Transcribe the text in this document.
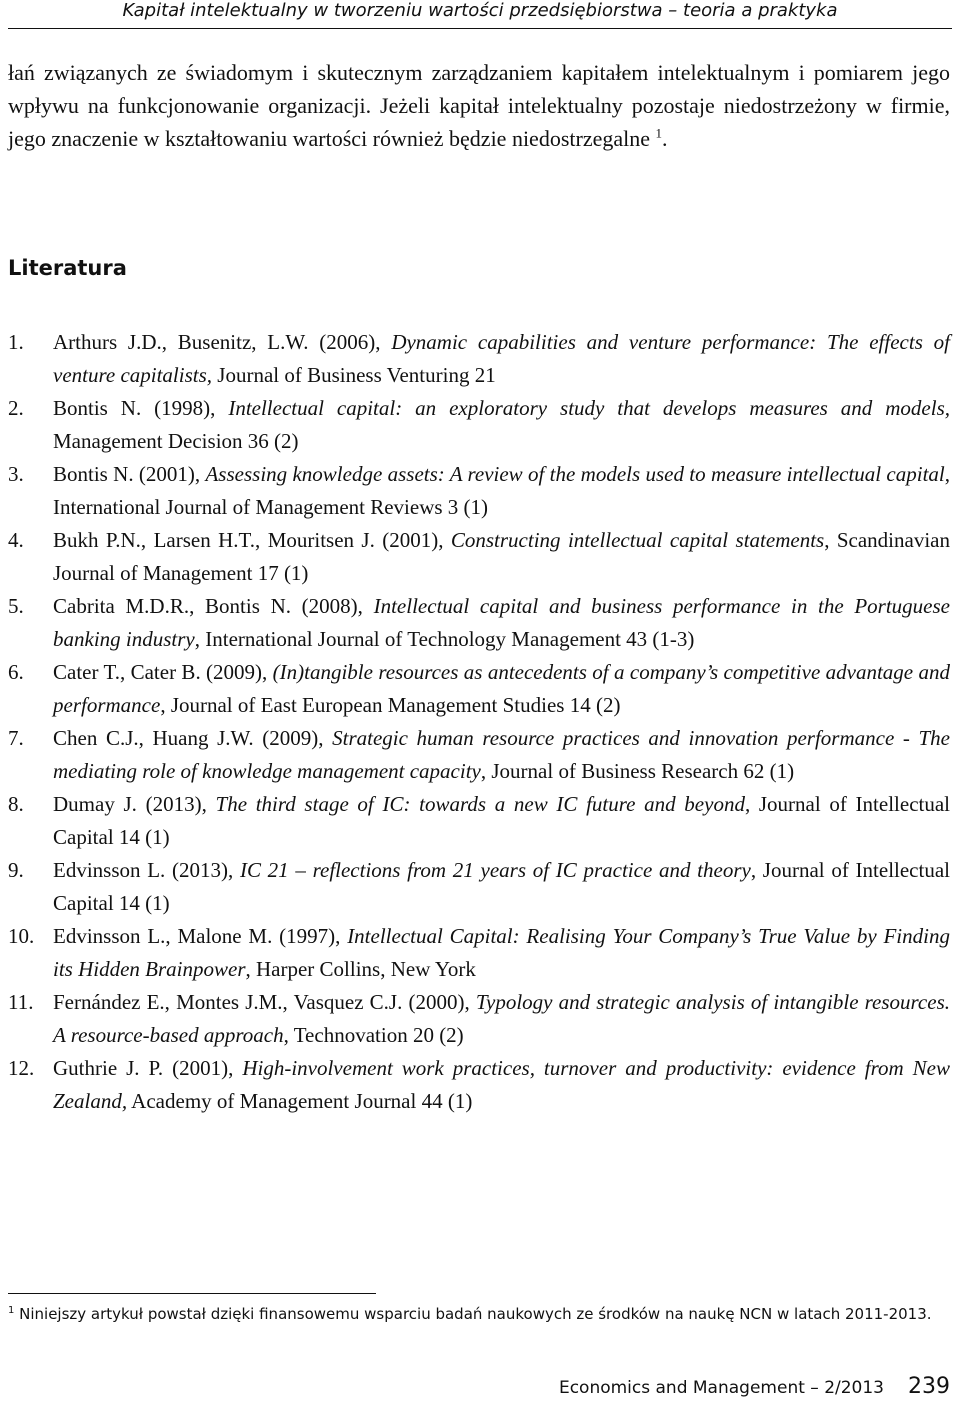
Kapitał intelektualny w tworzeniu wartości przedsiębiorstwa – teoria a praktyka

łań związanych ze świadomym i skutecznym zarządzaniem kapitałem intelektualnym i pomiarem jego wpływu na funkcjonowanie organizacji. Jeżeli kapitał intelektualny pozostaje niedostrzeżony w firmie, jego znaczenie w kształtowaniu wartości również będzie niedostrzegalne $^1$.

Literatura
1. Arthurs J.D., Busenitz, L.W. (2006), Dynamic capabilities and venture performance: The effects of venture capitalists, Journal of Business Venturing 21
2. Bontis N. (1998), Intellectual capital: an exploratory study that develops measures and models, Management Decision 36 (2)
3. Bontis N. (2001), Assessing knowledge assets: A review of the models used to measure intellectual capital, International Journal of Management Reviews 3 (1)
4. Bukh P.N., Larsen H.T., Mouritsen J. (2001), Constructing intellectual capital statements, Scandinavian Journal of Management 17 (1)
5. Cabrita M.D.R., Bontis N. (2008), Intellectual capital and business performance in the Portuguese banking industry, International Journal of Technology Management 43 (1-3)
6. Cater T., Cater B. (2009), (In)tangible resources as antecedents of a company’s competitive advantage and performance, Journal of East European Management Studies 14 (2)
7. Chen C.J., Huang J.W. (2009), Strategic human resource practices and innovation performance - The mediating role of knowledge management capacity, Journal of Business Research 62 (1)
8. Dumay J. (2013), The third stage of IC: towards a new IC future and beyond, Journal of Intellectual Capital 14 (1)
9. Edvinsson L. (2013), IC 21 – reflections from 21 years of IC practice and theory, Journal of Intellectual Capital 14 (1)
10. Edvinsson L., Malone M. (1997), Intellectual Capital: Realising Your Company’s True Value by Finding its Hidden Brainpower, Harper Collins, New York
11. Fernández E., Montes J.M., Vasquez C.J. (2000), Typology and strategic analysis of intangible resources. A resource-based approach, Technovation 20 (2)
12. Guthrie J. P. (2001), High-involvement work practices, turnover and productivity: evidence from New Zealand, Academy of Management Journal 44 (1)
$^1$ Niniejszy artykuł powstał dzięki finansowemu wsparciu badań naukowych ze środków na naukę NCN w latach 2011-2013.
Economics and Management – 2/2013 239
